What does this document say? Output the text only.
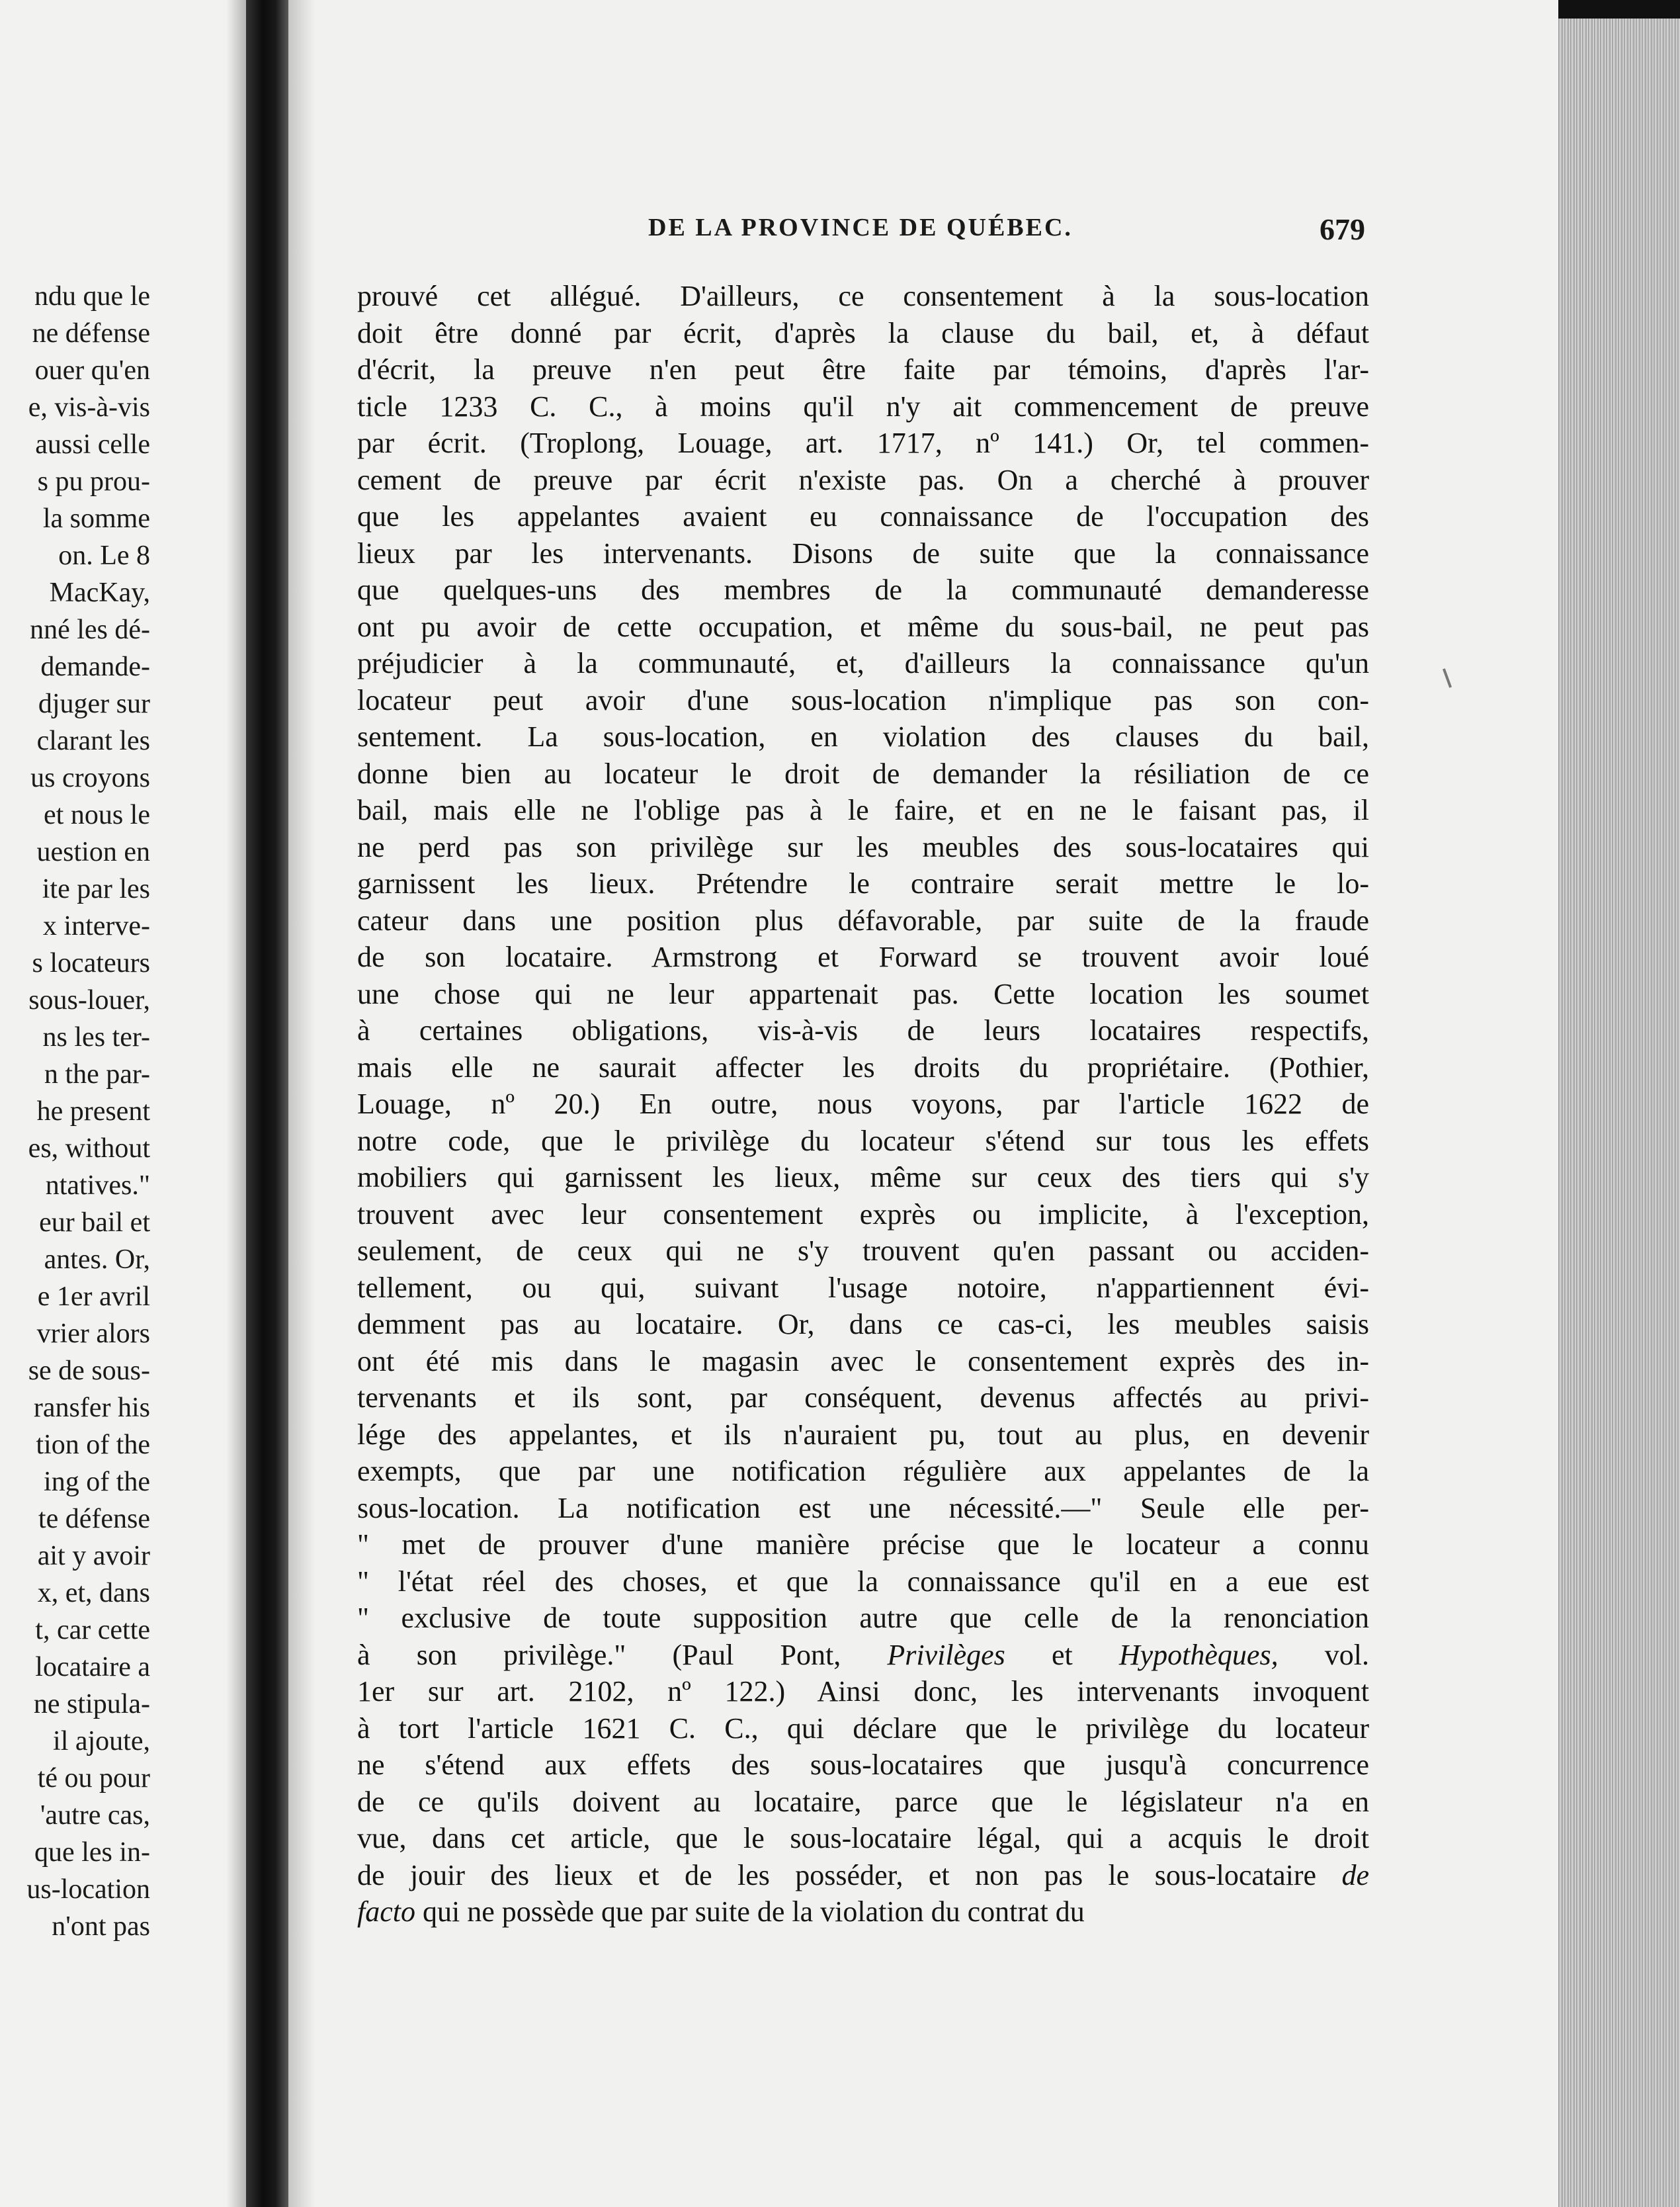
ndu que le
ne défense
ouer qu'en
e, vis-à-vis
aussi celle
s pu prou-
la somme
on. Le 8
MacKay,
nné les dé-
demande-
djuger sur
clarant les
us croyons
et nous le
uestion en
ite par les
x interve-
s locateurs
sous-louer,
ns les ter-
n the par-
he present
es, without
ntatives."
eur bail et
antes. Or,
e 1er avril
vrier alors
se de sous-
ransfer his
tion of the
ing of the
te défense
ait y avoir
x, et, dans
t, car cette
locataire a
ne stipula-
il ajoute,
té ou pour
'autre cas,
que les in-
us-location
n'ont pas
DE LA PROVINCE DE QUÉBEC.	679
prouvé cet allégué. D'ailleurs, ce consentement à la sous-location
doit être donné par écrit, d'après la clause du bail, et, à défaut
d'écrit, la preuve n'en peut être faite par témoins, d'après l'ar-
ticle 1233 C. C., à moins qu'il n'y ait commencement de preuve
par écrit. (Troplong, Louage, art. 1717, nº 141.) Or, tel commen-
cement de preuve par écrit n'existe pas. On a cherché à prouver
que les appelantes avaient eu connaissance de l'occupation des
lieux par les intervenants. Disons de suite que la connaissance
que quelques-uns des membres de la communauté demanderesse
ont pu avoir de cette occupation, et même du sous-bail, ne peut pas
préjudicier à la communauté, et, d'ailleurs la connaissance qu'un
locateur peut avoir d'une sous-location n'implique pas son con-
sentement. La sous-location, en violation des clauses du bail,
donne bien au locateur le droit de demander la résiliation de ce
bail, mais elle ne l'oblige pas à le faire, et en ne le faisant pas, il
ne perd pas son privilège sur les meubles des sous-locataires qui
garnissent les lieux. Prétendre le contraire serait mettre le lo-
cateur dans une position plus défavorable, par suite de la fraude
de son locataire. Armstrong et Forward se trouvent avoir loué
une chose qui ne leur appartenait pas. Cette location les soumet
à certaines obligations, vis-à-vis de leurs locataires respectifs,
mais elle ne saurait affecter les droits du propriétaire. (Pothier,
Louage, nº 20.) En outre, nous voyons, par l'article 1622 de
notre code, que le privilège du locateur s'étend sur tous les effets
mobiliers qui garnissent les lieux, même sur ceux des tiers qui s'y
trouvent avec leur consentement exprès ou implicite, à l'exception,
seulement, de ceux qui ne s'y trouvent qu'en passant ou acciden-
tellement, ou qui, suivant l'usage notoire, n'appartiennent évi-
demment pas au locataire. Or, dans ce cas-ci, les meubles saisis
ont été mis dans le magasin avec le consentement exprès des in-
tervenants et ils sont, par conséquent, devenus affectés au privi-
lége des appelantes, et ils n'auraient pu, tout au plus, en devenir
exempts, que par une notification régulière aux appelantes de la
sous-location. La notification est une nécessité.—" Seule elle per-
" met de prouver d'une manière précise que le locateur a connu
" l'état réel des choses, et que la connaissance qu'il en a eue est
" exclusive de toute supposition autre que celle de la renonciation
à son privilège." (Paul Pont, Privilèges et Hypothèques, vol.
1er sur art. 2102, nº 122.) Ainsi donc, les intervenants invoquent
à tort l'article 1621 C. C., qui déclare que le privilège du locateur
ne s'étend aux effets des sous-locataires que jusqu'à concurrence
de ce qu'ils doivent au locataire, parce que le législateur n'a en
vue, dans cet article, que le sous-locataire légal, qui a acquis le droit
de jouir des lieux et de les posséder, et non pas le sous-locataire de
facto qui ne possède que par suite de la violation du contrat du
